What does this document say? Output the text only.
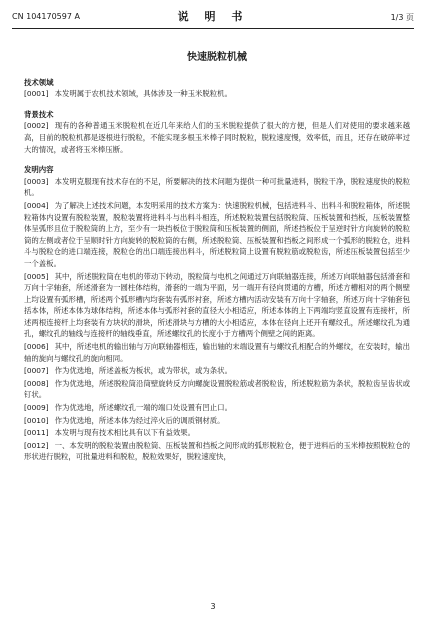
CN 104170597 A	说 明 书	1/3 页
快速脱粒机械
技术领域
[0001] 本发明属于农机技术领域，具体涉及一种玉米脱粒机。
背景技术
[0002] 现有的各种普通玉米脱粒机在近几年来给人们的玉米脱粒提供了很大的方便，但是人们对使用的要求越来越高，目前的脱粒机都是逐根进行脱粒，不能实现多根玉米棒子同时脱粒，脱粒速度慢，效率低，而且，还存在破碎率过大的情况，或者将玉米棒压断。
发明内容
[0003] 本发明克服现有技术存在的不足，所要解决的技术问题为提供一种可批量进料，脱粒干净，脱粒速度快的脱粒机。
[0004] 为了解决上述技术问题，本发明采用的技术方案为：快速脱粒机械，包括进料斗、出料斗和脱粒箱体，所述脱粒箱体内设置有脱粒装置，脱粒装置将进料斗与出料斗相连，所述脱粒装置包括脱粒筒、压板装置和挡板，压板装置整体呈弧形且位于脱粒筒的上方，至少有一块挡板位于脱粒筒和压板装置的侧面，所述挡板位于呈逆时针方向旋转的脱粒筒的左侧或者位于呈顺时针方向旋转的脱粒筒的右侧，所述脱粒筒、压板装置和挡板之间形成一个弧形的脱粒仓，进料斗与脱粒仓的进口端连接，脱粒仓的出口端连接出料斗，所述脱粒筒上设置有脱粒筋或脱粒齿，所述压板装置包括至少一个盖板。
[0005] 其中，所述脱粒筒在电机的带动下转动，脱粒筒与电机之间通过万向联轴器连接，所述万向联轴器包括滑套和万向十字轴套，所述滑套为一圆柱体结构，滑套的一端为平面，另一端开有径向贯通的方槽，所述方槽相对的两个侧壁上均设置有弧形槽，所述两个弧形槽内均套装有弧形衬套，所述方槽内活动安装有万向十字轴套，所述万向十字轴套包括本体，所述本体为球体结构，所述本体与弧形衬套的直径大小相适应，所述本体的上下两端均竖直设置有连接杆，所述两根连接杆上均套装有方块状的滑块，所述滑块与方槽的大小相适应，本体在径向上还开有螺纹孔，所述螺纹孔为通孔，螺纹孔的轴线与连接杆的轴线垂直，所述螺纹孔的长度小于方槽两个侧壁之间的距离。
[0006] 其中，所述电机的输出轴与万向联轴器相连，输出轴的末端设置有与螺纹孔相配合的外螺纹，在安装时，输出轴的旋向与螺纹孔的旋向相同。
[0007] 作为优选地，所述盖板为板状，或为带状，或为条状。
[0008] 作为优选地，所述脱粒筒沿筒壁旋转反方向螺旋设置脱粒筋或者脱粒齿，所述脱粒筋为条状，脱粒齿呈齿状或钉状。
[0009] 作为优选地，所述螺纹孔一端的端口处设置有凹止口。
[0010] 作为优选地，所述本体为经过淬火后的调质钢材质。
[0011] 本发明与现有技术相比具有以下有益效果。
[0012] 一、本发明的脱粒装置由脱粒筒、压板装置和挡板之间形成的弧形脱粒仓，便于进料后的玉米棒按照脱粒仓的形状进行脱粒，可批量进料和脱粒，脱粒效果好，脱粒速度快，
3
